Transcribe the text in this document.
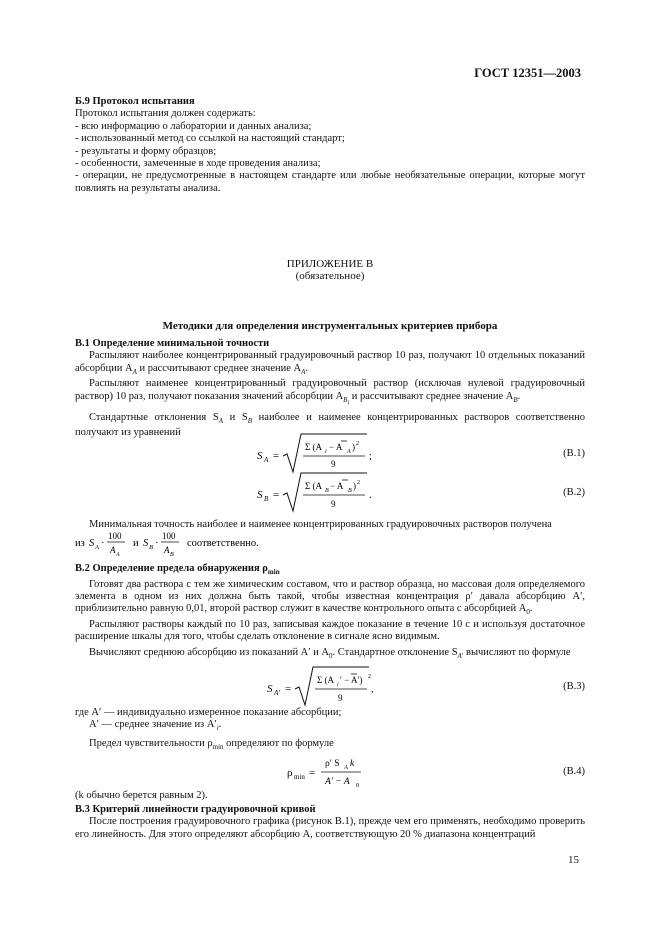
ГОСТ 12351—2003
Б.9 Протокол испытания
Протокол испытания должен содержать:
- всю информацию о лаборатории и данных анализа;
- использованный метод со ссылкой на настоящий стандарт;
- результаты и форму образцов;
- особенности, замеченные в ходе проведения анализа;
- операции, не предусмотренные в настоящем стандарте или любые необязательные операции, которые могут повлиять на результаты анализа.
ПРИЛОЖЕНИЕ В
(обязательное)
Методики для определения инструментальных критериев прибора
В.1 Определение минимальной точности

Распыляют наиболее концентрированный градуировочный раствор 10 раз, получают 10 отдельных показаний абсорбции $A_A$ и рассчитывают среднее значение $A_A$.

Распыляют наименее концентрированный градуировочный раствор (исключая нулевой градуировочный раствор) 10 раз, получают показания значений абсорбции $A_{B_i}$ и рассчитывают среднее значение $A_B$.

Стандартные отклонения $S_A$ и $S_B$ наиболее и наименее концентрированных растворов соответственно получают из уравнений

S A =
Σ (A i − A A ) 2
9
;	(В.1)
S B =
Σ (A B − A B ) 2
9
.	(В.2)

Минимальная точность наиболее и наименее концентрированных градуировочных растворов получена

из S A ·
100
A A
и S B ·
100
A B
соответственно.
В.2 Определение предела обнаружения $\rho_{min}$

Готовят два раствора с тем же химическим составом, что и раствор образца, но массовая доля определяемого элемента в одном из них должна быть такой, чтобы известная концентрация ρ′ давала абсорбцию A′, приблизительно равную 0,01, второй раствор служит в качестве контрольного опыта с абсорбцией $A_0$.

Распыляют растворы каждый по 10 раз, записывая каждое показание в течение 10 с и используя достаточное расширение шкалы для того, чтобы сделать отклонение в сигнале ясно видимым.

Вычисляют среднюю абсорбцию из показаний A′ и $A_0$. Стандартное отклонение $S_{A'}$ вычисляют по формуле

S A ′ =
Σ (A i ′ − A′) 2
9
,	(В.3)
где A′ — индивидуально измеренное показание абсорбции;
A′ — среднее значение из $A'_i$.

Предел чувствительности $\rho_{min}$ определяют по формуле

ρ min =
ρ′ S A k
A′ − A 0
(В.4)
(k обычно берется равным 2).
В.3 Критерий линейности градуировочной кривой

После построения градуировочного графика (рисунок В.1), прежде чем его применять, необходимо проверить его линейность. Для этого определяют абсорбцию A, соответствующую 20 % диапазона концентраций

15
